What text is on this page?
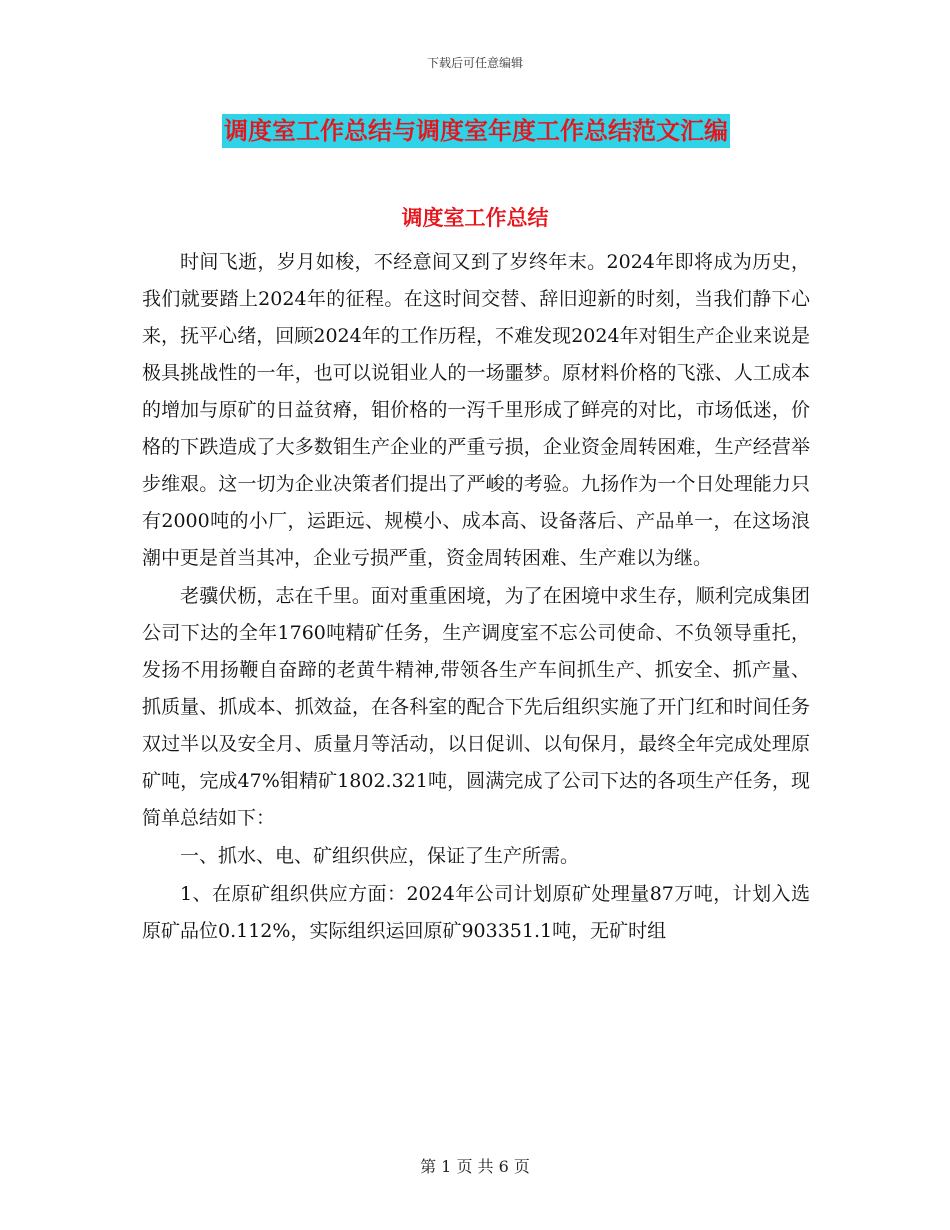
下载后可任意编辑
调度室工作总结与调度室年度工作总结范文汇编
调度室工作总结

时间飞逝，岁月如梭，不经意间又到了岁终年末。2024年即将成为历史，我们就要踏上2024年的征程。在这时间交替、辞旧迎新的时刻，当我们静下心来，抚平心绪，回顾2024年的工作历程，不难发现2024年对钼生产企业来说是极具挑战性的一年，也可以说钼业人的一场噩梦。原材料价格的飞涨、人工成本的增加与原矿的日益贫瘠，钼价格的一泻千里形成了鲜亮的对比，市场低迷，价格的下跌造成了大多数钼生产企业的严重亏损，企业资金周转困难，生产经营举步维艰。这一切为企业决策者们提出了严峻的考验。九扬作为一个日处理能力只有2000吨的小厂，运距远、规模小、成本高、设备落后、产品单一，在这场浪潮中更是首当其冲，企业亏损严重，资金周转困难、生产难以为继。

老骥伏枥，志在千里。面对重重困境，为了在困境中求生存，顺利完成集团公司下达的全年1760吨精矿任务，生产调度室不忘公司使命、不负领导重托，发扬不用扬鞭自奋蹄的老黄牛精神,带领各生产车间抓生产、抓安全、抓产量、抓质量、抓成本、抓效益，在各科室的配合下先后组织实施了开门红和时间任务双过半以及安全月、质量月等活动，以日促训、以旬保月，最终全年完成处理原矿吨，完成47%钼精矿1802.321吨，圆满完成了公司下达的各项生产任务，现简单总结如下：

一、抓水、电、矿组织供应，保证了生产所需。

1、在原矿组织供应方面：2024年公司计划原矿处理量87万吨，计划入选原矿品位0.112%，实际组织运回原矿903351.1吨，无矿时组

第 1 页 共 6 页
